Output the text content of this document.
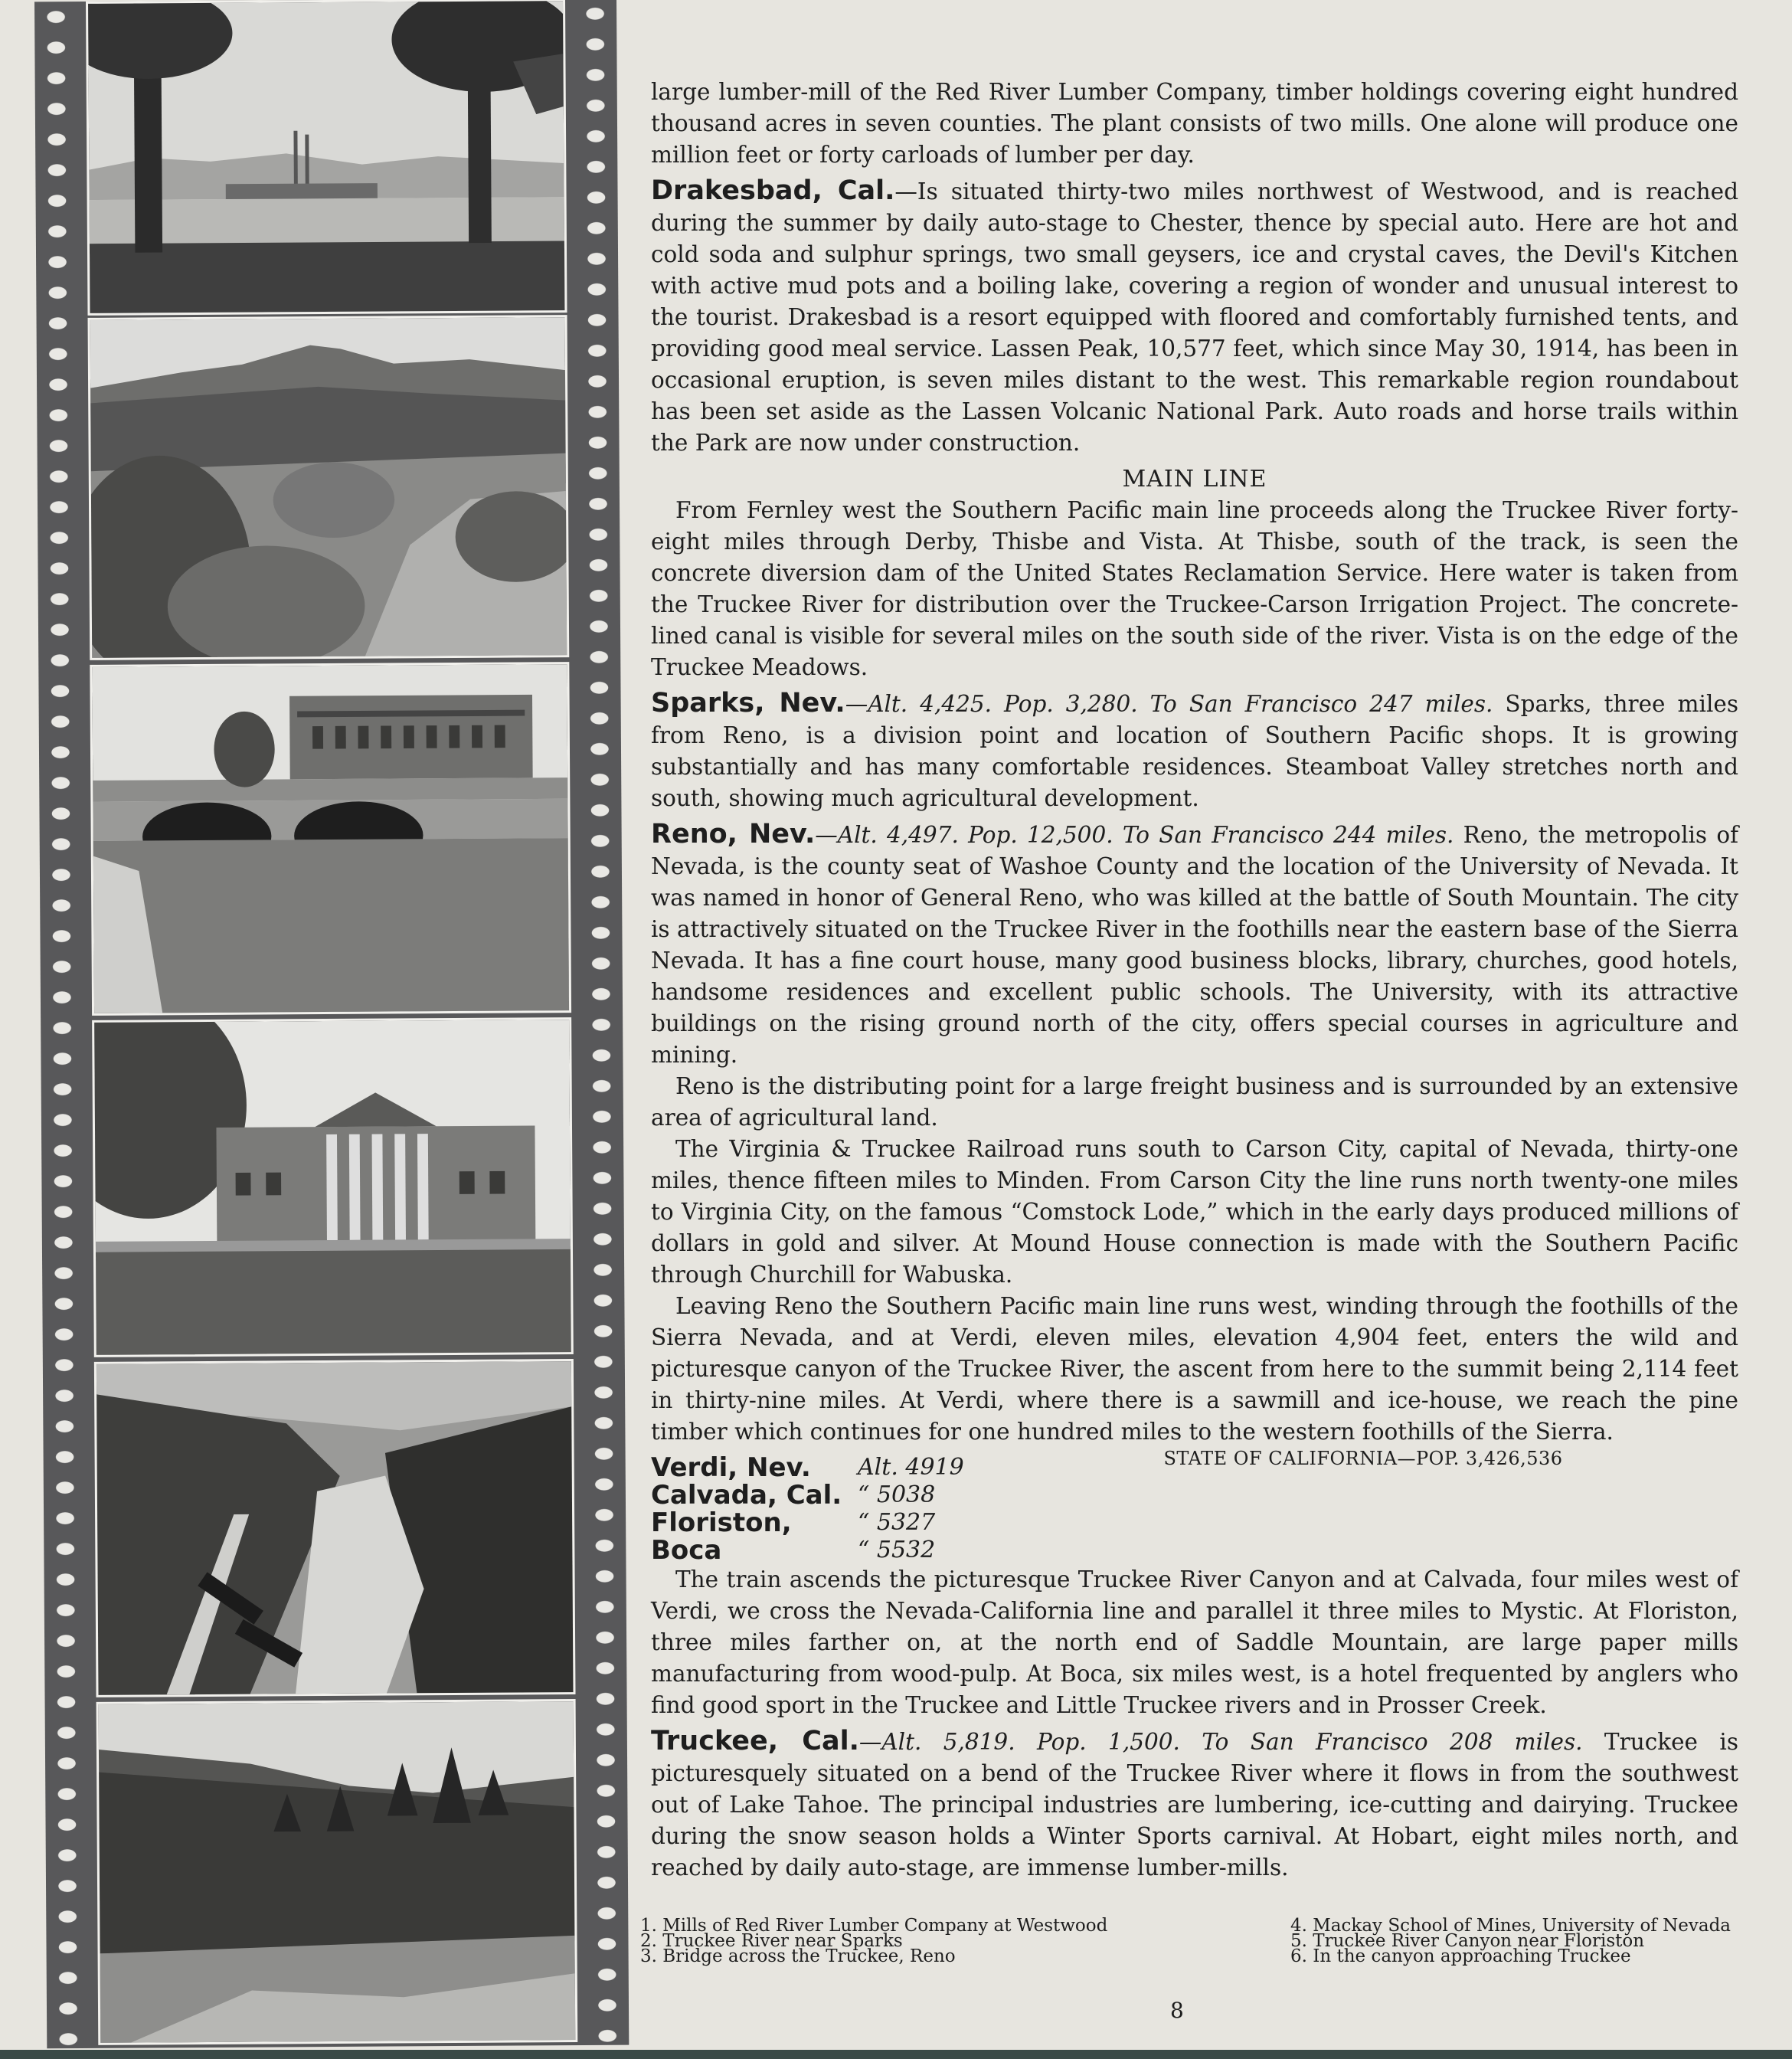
large lumber-mill of the Red River Lumber Company, timber holdings covering eight hundred thousand acres in seven counties. The plant consists of two mills. One alone will produce one million feet or forty carloads of lumber per day.

Drakesbad, Cal.—Is situated thirty-two miles northwest of Westwood, and is reached during the summer by daily auto-stage to Chester, thence by special auto. Here are hot and cold soda and sulphur springs, two small geysers, ice and crystal caves, the Devil's Kitchen with active mud pots and a boiling lake, covering a region of wonder and unusual interest to the tourist. Drakesbad is a resort equipped with floored and comfortably furnished tents, and providing good meal service. Lassen Peak, 10,577 feet, which since May 30, 1914, has been in occasional eruption, is seven miles distant to the west. This remarkable region roundabout has been set aside as the Lassen Volcanic National Park. Auto roads and horse trails within the Park are now under construction.

MAIN LINE

From Fernley west the Southern Pacific main line proceeds along the Truckee River forty-eight miles through Derby, Thisbe and Vista. At Thisbe, south of the track, is seen the concrete diversion dam of the United States Reclamation Service. Here water is taken from the Truckee River for distribution over the Truckee-Carson Irrigation Project. The concrete-lined canal is visible for several miles on the south side of the river. Vista is on the edge of the Truckee Meadows.

Sparks, Nev.—Alt. 4,425. Pop. 3,280. To San Francisco 247 miles. Sparks, three miles from Reno, is a division point and location of Southern Pacific shops. It is growing substantially and has many comfortable residences. Steamboat Valley stretches north and south, showing much agricultural development.

Reno, Nev.—Alt. 4,497. Pop. 12,500. To San Francisco 244 miles. Reno, the metropolis of Nevada, is the county seat of Washoe County and the location of the University of Nevada. It was named in honor of General Reno, who was killed at the battle of South Mountain. The city is attractively situated on the Truckee River in the foothills near the eastern base of the Sierra Nevada. It has a fine court house, many good business blocks, library, churches, good hotels, handsome residences and excellent public schools. The University, with its attractive buildings on the rising ground north of the city, offers special courses in agriculture and mining.

Reno is the distributing point for a large freight business and is surrounded by an extensive area of agricultural land.

The Virginia & Truckee Railroad runs south to Carson City, capital of Nevada, thirty-one miles, thence fifteen miles to Minden. From Carson City the line runs north twenty-one miles to Virginia City, on the famous “Comstock Lode,” which in the early days produced millions of dollars in gold and silver. At Mound House connection is made with the Southern Pacific through Churchill for Wabuska.

Leaving Reno the Southern Pacific main line runs west, winding through the foothills of the Sierra Nevada, and at Verdi, eleven miles, elevation 4,904 feet, enters the wild and picturesque canyon of the Truckee River, the ascent from here to the summit being 2,114 feet in thirty-nine miles. At Verdi, where there is a sawmill and ice-house, we reach the pine timber which continues for one hundred miles to the western foothills of the Sierra.

Verdi, Nev.
Calvada, Cal.
Floriston,
Boca
Alt. 4919
“ 5038
“ 5327
“ 5532
STATE OF CALIFORNIA—POP. 3,426,536

The train ascends the picturesque Truckee River Canyon and at Calvada, four miles west of Verdi, we cross the Nevada-California line and parallel it three miles to Mystic. At Floriston, three miles farther on, at the north end of Saddle Mountain, are large paper mills manufacturing from wood-pulp. At Boca, six miles west, is a hotel frequented by anglers who find good sport in the Truckee and Little Truckee rivers and in Prosser Creek.

Truckee, Cal.—Alt. 5,819. Pop. 1,500. To San Francisco 208 miles. Truckee is picturesquely situated on a bend of the Truckee River where it flows in from the southwest out of Lake Tahoe. The principal industries are lumbering, ice-cutting and dairying. Truckee during the snow season holds a Winter Sports carnival. At Hobart, eight miles north, and reached by daily auto-stage, are immense lumber-mills.

1. Mills of Red River Lumber Company at Westwood
2. Truckee River near Sparks
3. Bridge across the Truckee, Reno
4. Mackay School of Mines, University of Nevada
5. Truckee River Canyon near Floriston
6. In the canyon approaching Truckee
8
